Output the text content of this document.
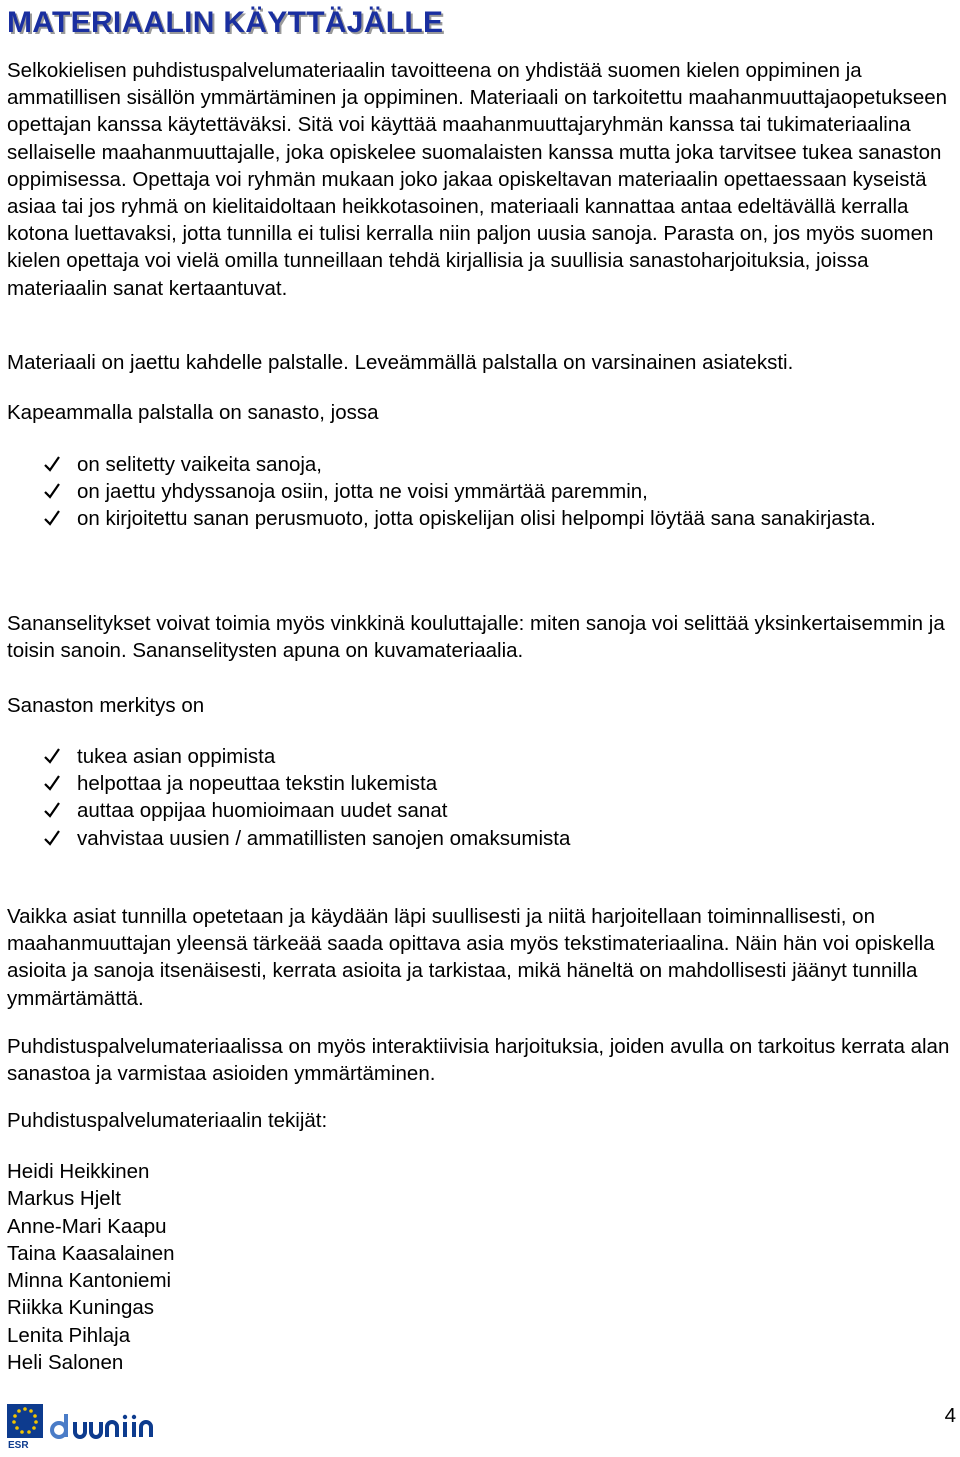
MATERIAALIN KÄYTTÄJÄLLE

Selkokielisen puhdistuspalvelumateriaalin tavoitteena on yhdistää suomen kielen oppiminen ja ammatillisen sisällön ymmärtäminen ja oppiminen. Materiaali on tarkoitettu maahanmuuttajaopetukseen opettajan kanssa käytettäväksi. Sitä voi käyttää maahanmuuttajaryhmän kanssa tai tukimateriaalina sellaiselle maahanmuuttajalle, joka opiskelee suomalaisten kanssa mutta joka tarvitsee tukea sanaston oppimisessa. Opettaja voi ryhmän mukaan joko jakaa opiskeltavan materiaalin opettaessaan kyseistä asiaa tai jos ryhmä on kielitaidoltaan heikkotasoinen, materiaali kannattaa antaa edeltävällä kerralla kotona luettavaksi, jotta tunnilla ei tulisi kerralla niin paljon uusia sanoja. Parasta on, jos myös suomen kielen opettaja voi vielä omilla tunneillaan tehdä kirjallisia ja suullisia sanastoharjoituksia, joissa materiaalin sanat kertaantuvat.

Materiaali on jaettu kahdelle palstalle. Leveämmällä palstalla on varsinainen asiateksti.

Kapeammalla palstalla on sanasto, jossa

on selitetty vaikeita sanoja,
on jaettu yhdyssanoja osiin, jotta ne voisi ymmärtää paremmin,
on kirjoitettu sanan perusmuoto, jotta opiskelijan olisi helpompi löytää sana sanakirjasta.

Sananselitykset voivat toimia myös vinkkinä kouluttajalle: miten sanoja voi selittää yksinkertaisemmin ja toisin sanoin. Sananselitysten apuna on kuvamateriaalia.

Sanaston merkitys on

tukea asian oppimista
helpottaa ja nopeuttaa tekstin lukemista
auttaa oppijaa huomioimaan uudet sanat
vahvistaa uusien / ammatillisten sanojen omaksumista

Vaikka asiat tunnilla opetetaan ja käydään läpi suullisesti ja niitä harjoitellaan toiminnallisesti, on maahanmuuttajan yleensä tärkeää saada opittava asia myös tekstimateriaalina. Näin hän voi opiskella asioita ja sanoja itsenäisesti, kerrata asioita ja tarkistaa, mikä häneltä on mahdollisesti jäänyt tunnilla ymmärtämättä.

Puhdistuspalvelumateriaalissa on myös interaktiivisia harjoituksia, joiden avulla on tarkoitus kerrata alan sanastoa ja varmistaa asioiden ymmärtäminen.

Puhdistuspalvelumateriaalin tekijät:

Heidi Heikkinen
Markus Hjelt
Anne-Mari Kaapu
Taina Kaasalainen
Minna Kantoniemi
Riikka Kuningas
Lenita Pihlaja
Heli Salonen
ESR
4
